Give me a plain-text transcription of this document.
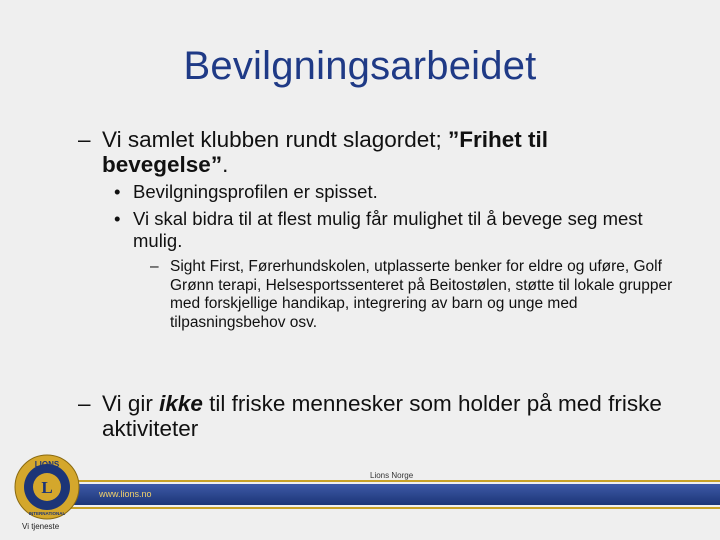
Bevilgningsarbeidet
– Vi samlet klubben rundt slagordet; ”Frihet til bevegelse”.
• Bevilgningsprofilen er spisset.
• Vi skal bidra til at flest mulig får mulighet til å bevege seg mest mulig.
– Sight First, Førerhundskolen, utplasserte benker for eldre og uføre, Golf Grønn terapi, Helsesportssenteret på Beitostølen, støtte til lokale grupper med forskjellige handikap, integrering av barn og unge med tilpasningsbehov osv.
– Vi gir ikke til friske mennesker som holder på med friske aktiviteter
Lions Norge
www.lions.no
L
LIONS
INTERNATIONAL
Vi tjeneste
